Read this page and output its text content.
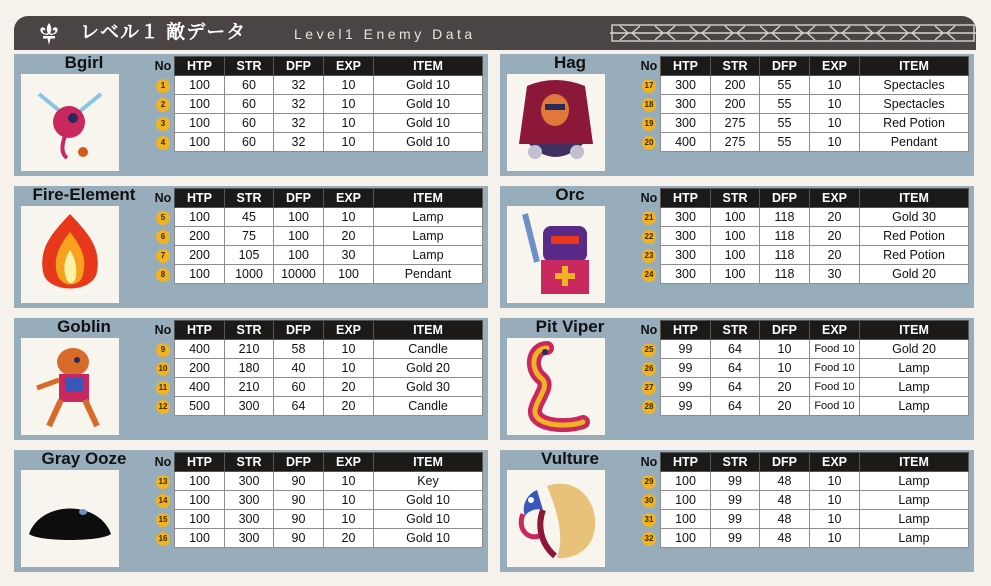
レベル１ 敵データ	Level1 Enemy Data
Bgirl	No	HTP	STR	DFP	EXP	ITEM
1	100	60	32	10	Gold 10
2	100	60	32	10	Gold 10
3	100	60	32	10	Gold 10
4	100	60	32	10	Gold 10
Hag	No	HTP	STR	DFP	EXP	ITEM
17	300	200	55	10	Spectacles
18	300	200	55	10	Spectacles
19	300	275	55	10	Red Potion
20	400	275	55	10	Pendant
Fire-Element	No	HTP	STR	DFP	EXP	ITEM
5	100	45	100	10	Lamp
6	200	75	100	20	Lamp
7	200	105	100	30	Lamp
8	100	1000	10000	100	Pendant
Orc	No	HTP	STR	DFP	EXP	ITEM
21	300	100	118	20	Gold 30
22	300	100	118	20	Red Potion
23	300	100	118	20	Red Potion
24	300	100	118	30	Gold 20
Goblin	No	HTP	STR	DFP	EXP	ITEM
9	400	210	58	10	Candle
10	200	180	40	10	Gold 20
11	400	210	60	20	Gold 30
12	500	300	64	20	Candle
Pit Viper	No	HTP	STR	DFP	EXP	ITEM
25	99	64	10	Food 10	Gold 20
26	99	64	10	Food 10	Lamp
27	99	64	20	Food 10	Lamp
28	99	64	20	Food 10	Lamp
Gray Ooze	No	HTP	STR	DFP	EXP	ITEM
13	100	300	90	10	Key
14	100	300	90	10	Gold 10
15	100	300	90	10	Gold 10
16	100	300	90	20	Gold 10
Vulture	No	HTP	STR	DFP	EXP	ITEM
29	100	99	48	10	Lamp
30	100	99	48	10	Lamp
31	100	99	48	10	Lamp
32	100	99	48	10	Lamp
